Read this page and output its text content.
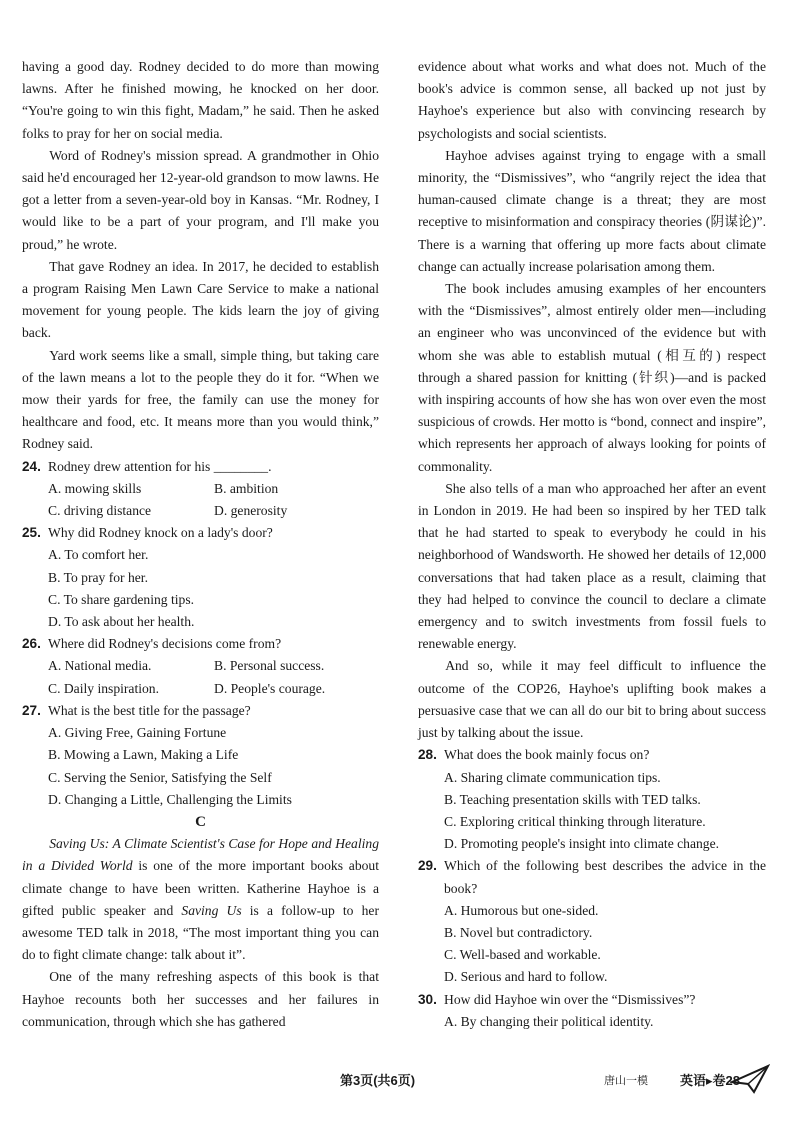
having a good day. Rodney decided to do more than mowing lawns. After he finished mowing, he knocked on her door. “You're going to win this fight, Madam,” he said. Then he asked folks to pray for her on social media.

Word of Rodney's mission spread. A grandmother in Ohio said he'd encouraged her 12-year-old grandson to mow lawns. He got a letter from a seven-year-old boy in Kansas. “Mr. Rodney, I would like to be a part of your program, and I'll make you proud,” he wrote.

That gave Rodney an idea. In 2017, he decided to establish a program Raising Men Lawn Care Service to make a national movement for young people. The kids learn the joy of giving back.

Yard work seems like a small, simple thing, but taking care of the lawn means a lot to the people they do it for. “When we mow their yards for free, the family can use the money for healthcare and food, etc. It means more than you would think,” Rodney said.

24. Rodney drew attention for his ________.
A. mowing skills	B. ambition
C. driving distance	D. generosity
25. Why did Rodney knock on a lady's door?
A. To comfort her.
B. To pray for her.
C. To share gardening tips.
D. To ask about her health.
26. Where did Rodney's decisions come from?
A. National media.	B. Personal success.
C. Daily inspiration.	D. People's courage.
27. What is the best title for the passage?
A. Giving Free, Gaining Fortune
B. Mowing a Lawn, Making a Life
C. Serving the Senior, Satisfying the Self
D. Changing a Little, Challenging the Limits
C

Saving Us: A Climate Scientist's Case for Hope and Healing in a Divided World is one of the more important books about climate change to have been written. Katherine Hayhoe is a gifted public speaker and Saving Us is a follow-up to her awesome TED talk in 2018, “The most important thing you can do to fight climate change: talk about it”.

One of the many refreshing aspects of this book is that Hayhoe recounts both her successes and her failures in communication, through which she has gathered

evidence about what works and what does not. Much of the book's advice is common sense, all backed up not just by Hayhoe's experience but also with convincing research by psychologists and social scientists.

Hayhoe advises against trying to engage with a small minority, the “Dismissives”, who “angrily reject the idea that human-caused climate change is a threat; they are most receptive to misinformation and conspiracy theories (阴谋论)”. There is a warning that offering up more facts about climate change can actually increase polarisation among them.

The book includes amusing examples of her encounters with the “Dismissives”, almost entirely older men—including an engineer who was unconvinced of the evidence but with whom she was able to establish mutual (相互的) respect through a shared passion for knitting (针织)—and is packed with inspiring accounts of how she has won over even the most suspicious of crowds. Her motto is “bond, connect and inspire”, which represents her approach of always looking for points of commonality.

She also tells of a man who approached her after an event in London in 2019. He had been so inspired by her TED talk that he had started to speak to everybody he could in his neighborhood of Wandsworth. He showed her details of 12,000 conversations that had taken place as a result, claiming that they had helped to convince the council to declare a climate emergency and to switch investments from fossil fuels to renewable energy.

And so, while it may feel difficult to influence the outcome of the COP26, Hayhoe's uplifting book makes a persuasive case that we can all do our bit to bring about success just by talking about the issue.

28. What does the book mainly focus on?
A. Sharing climate communication tips.
B. Teaching presentation skills with TED talks.
C. Exploring critical thinking through literature.
D. Promoting people's insight into climate change.
29. Which of the following best describes the advice in the book?
A. Humorous but one-sided.
B. Novel but contradictory.
C. Well-based and workable.
D. Serious and hard to follow.
30. How did Hayhoe win over the “Dismissives”?
A. By changing their political identity.
第3页(共6页)	唐山一模 英语▸卷28
